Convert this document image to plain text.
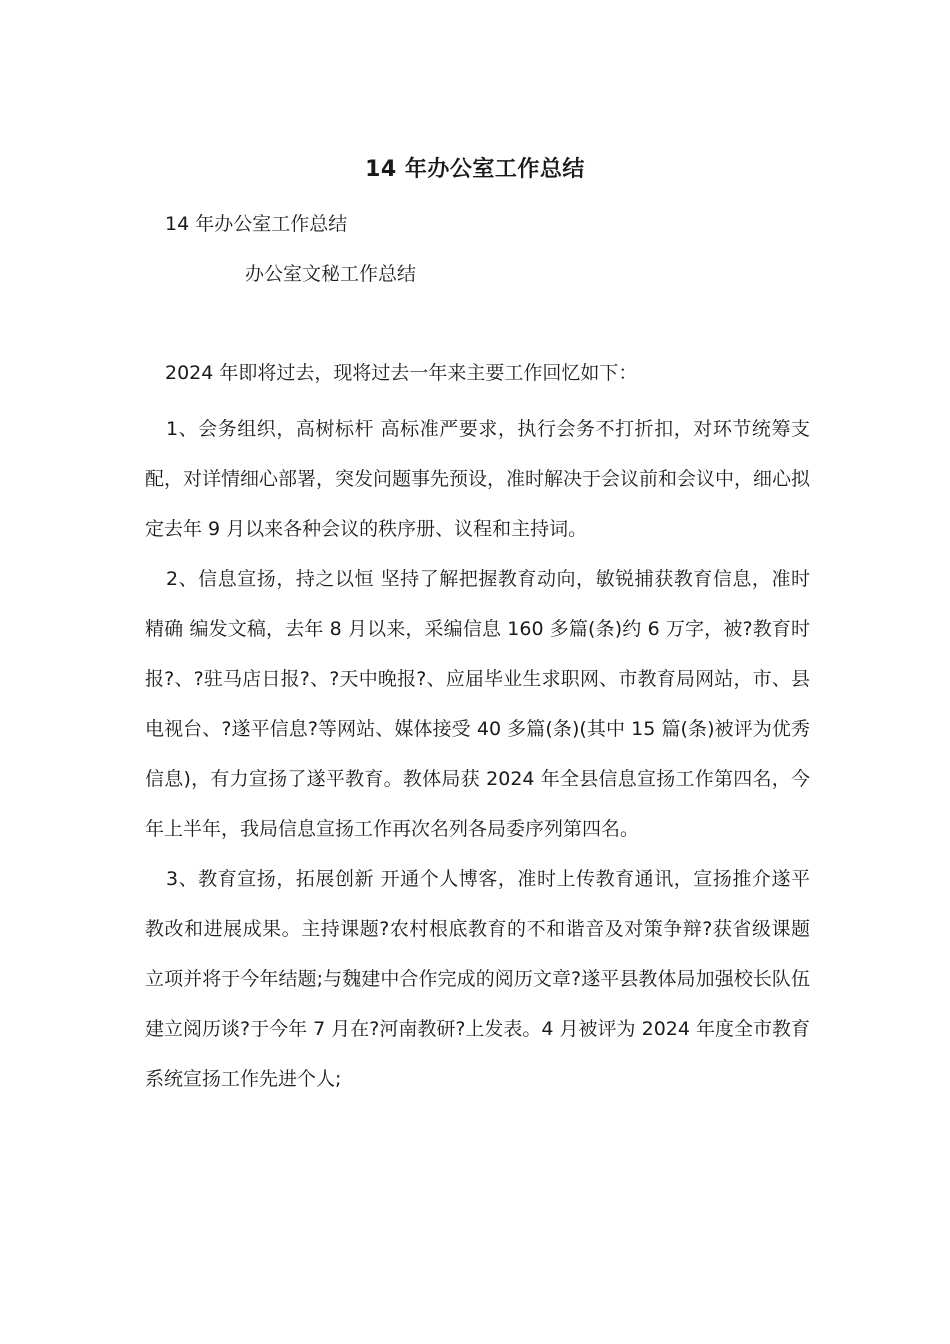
14 年办公室工作总结
14 年办公室工作总结
办公室文秘工作总结
2024 年即将过去，现将过去一年来主要工作回忆如下：

1、会务组织，高树标杆 高标准严要求，执行会务不打折扣，对环节统筹支配，对详情细心部署，突发问题事先预设，准时解决于会议前和会议中，细心拟定去年 9 月以来各种会议的秩序册、议程和主持词。

2、信息宣扬，持之以恒 坚持了解把握教育动向，敏锐捕获教育信息，准时精确 编发文稿，去年 8 月以来，采编信息 160 多篇(条)约 6 万字，被?教育时报?、?驻马店日报?、?天中晚报?、应届毕业生求职网、市教育局网站，市、县电视台、?遂平信息?等网站、媒体接受 40 多篇(条)(其中 15 篇(条)被评为优秀信息)，有力宣扬了遂平教育。教体局获 2024 年全县信息宣扬工作第四名，今年上半年，我局信息宣扬工作再次名列各局委序列第四名。

3、教育宣扬，拓展创新 开通个人博客，准时上传教育通讯，宣扬推介遂平教改和进展成果。主持课题?农村根底教育的不和谐音及对策争辩?获省级课题立项并将于今年结题;与魏建中合作完成的阅历文章?遂平县教体局加强校长队伍建立阅历谈?于今年 7 月在?河南教研?上发表。4 月被评为 2024 年度全市教育系统宣扬工作先进个人;
